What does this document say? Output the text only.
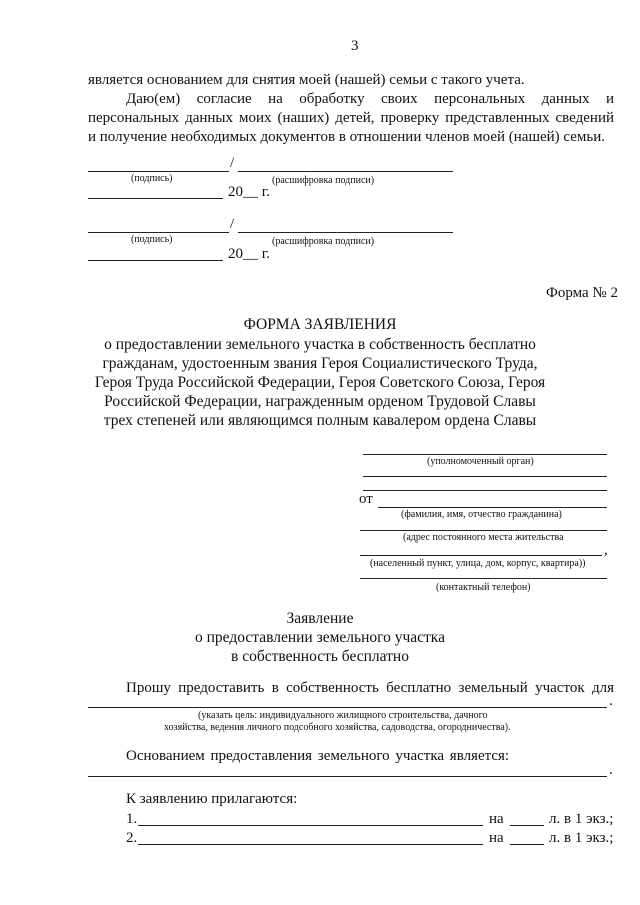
3
является основанием для снятия моей (нашей) семьи с такого учета.
Даю(ем) согласие на обработку своих персональных данных и
персональных данных моих (наших) детей, проверку представленных сведений
и получение необходимых документов в отношении членов моей (нашей) семьи.
/
(подпись)	(расшифровка подписи)
20__ г.
/
(подпись)	(расшифровка подписи)
20__ г.
Форма № 2
ФОРМА ЗАЯВЛЕНИЯ
о предоставлении земельного участка в собственность бесплатно
гражданам, удостоенным звания Героя Социалистического Труда,
Героя Труда Российской Федерации, Героя Советского Союза, Героя
Российской Федерации, награжденным орденом Трудовой Славы
трех степеней или являющимся полным кавалером ордена Славы
(уполномоченный орган)
от
(фамилия, имя, отчество гражданина)
(адрес постоянного места жительства
,
(населенный пункт, улица, дом, корпус, квартира))
(контактный телефон)
Заявление
о предоставлении земельного участка
в собственность бесплатно
Прошу предоставить в собственность бесплатно земельный участок для
.
(указать цель: индивидуального жилищного строительства, дачного
хозяйства, ведения личного подсобного хозяйства, садоводства, огородничества).
Основанием предоставления земельного участка является:
.
К заявлению прилагаются:
1.	на	л. в 1 экз.;
2.	на	л. в 1 экз.;
